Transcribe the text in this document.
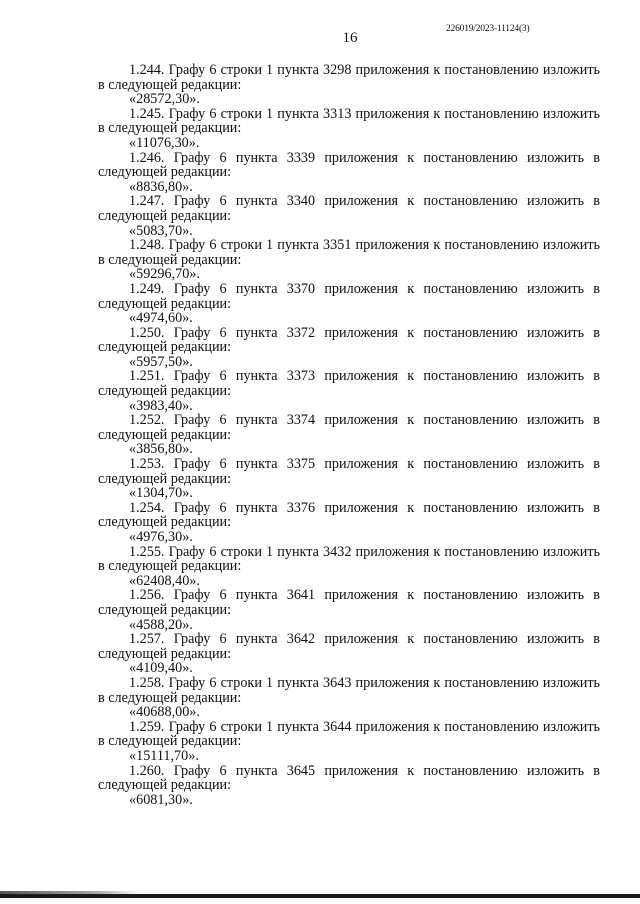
16
226019/2023-11124(3)

1.244. Графу 6 строки 1 пункта 3298 приложения к постановлению изложить в следующей редакции:

«28572,30».

1.245. Графу 6 строки 1 пункта 3313 приложения к постановлению изложить в следующей редакции:

«11076,30».

1.246. Графу 6 пункта 3339 приложения к постановлению изложить в следующей редакции:

«8836,80».

1.247. Графу 6 пункта 3340 приложения к постановлению изложить в следующей редакции:

«5083,70».

1.248. Графу 6 строки 1 пункта 3351 приложения к постановлению изложить в следующей редакции:

«59296,70».

1.249. Графу 6 пункта 3370 приложения к постановлению изложить в следующей редакции:

«4974,60».

1.250. Графу 6 пункта 3372 приложения к постановлению изложить в следующей редакции:

«5957,50».

1.251. Графу 6 пункта 3373 приложения к постановлению изложить в следующей редакции:

«3983,40».

1.252. Графу 6 пункта 3374 приложения к постановлению изложить в следующей редакции:

«3856,80».

1.253. Графу 6 пункта 3375 приложения к постановлению изложить в следующей редакции:

«1304,70».

1.254. Графу 6 пункта 3376 приложения к постановлению изложить в следующей редакции:

«4976,30».

1.255. Графу 6 строки 1 пункта 3432 приложения к постановлению изложить в следующей редакции:

«62408,40».

1.256. Графу 6 пункта 3641 приложения к постановлению изложить в следующей редакции:

«4588,20».

1.257. Графу 6 пункта 3642 приложения к постановлению изложить в следующей редакции:

«4109,40».

1.258. Графу 6 строки 1 пункта 3643 приложения к постановлению изложить в следующей редакции:

«40688,00».

1.259. Графу 6 строки 1 пункта 3644 приложения к постановлению изложить в следующей редакции:

«15111,70».

1.260. Графу 6 пункта 3645 приложения к постановлению изложить в следующей редакции:

«6081,30».
